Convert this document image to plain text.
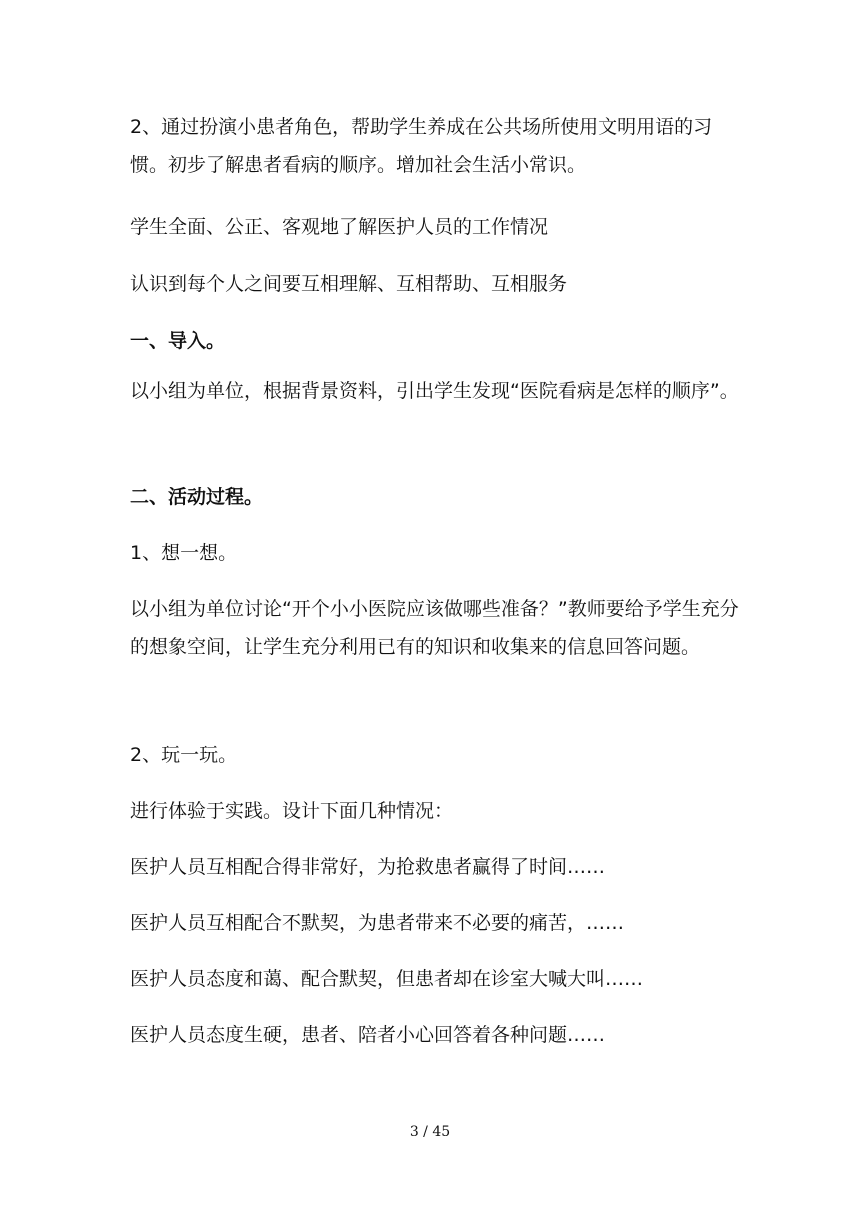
2、通过扮演小患者角色，帮助学生养成在公共场所使用文明用语的习惯。初步了解患者看病的顺序。增加社会生活小常识。

学生全面、公正、客观地了解医护人员的工作情况

认识到每个人之间要互相理解、互相帮助、互相服务

一、导入。

以小组为单位，根据背景资料，引出学生发现“医院看病是怎样的顺序”。

二、活动过程。

1、想一想。

以小组为单位讨论“开个小小医院应该做哪些准备？”教师要给予学生充分的想象空间，让学生充分利用已有的知识和收集来的信息回答问题。

2、玩一玩。

进行体验于实践。设计下面几种情况：

医护人员互相配合得非常好，为抢救患者赢得了时间……

医护人员互相配合不默契，为患者带来不必要的痛苦，……

医护人员态度和蔼、配合默契，但患者却在诊室大喊大叫……

医护人员态度生硬，患者、陪者小心回答着各种问题……

3 / 45
